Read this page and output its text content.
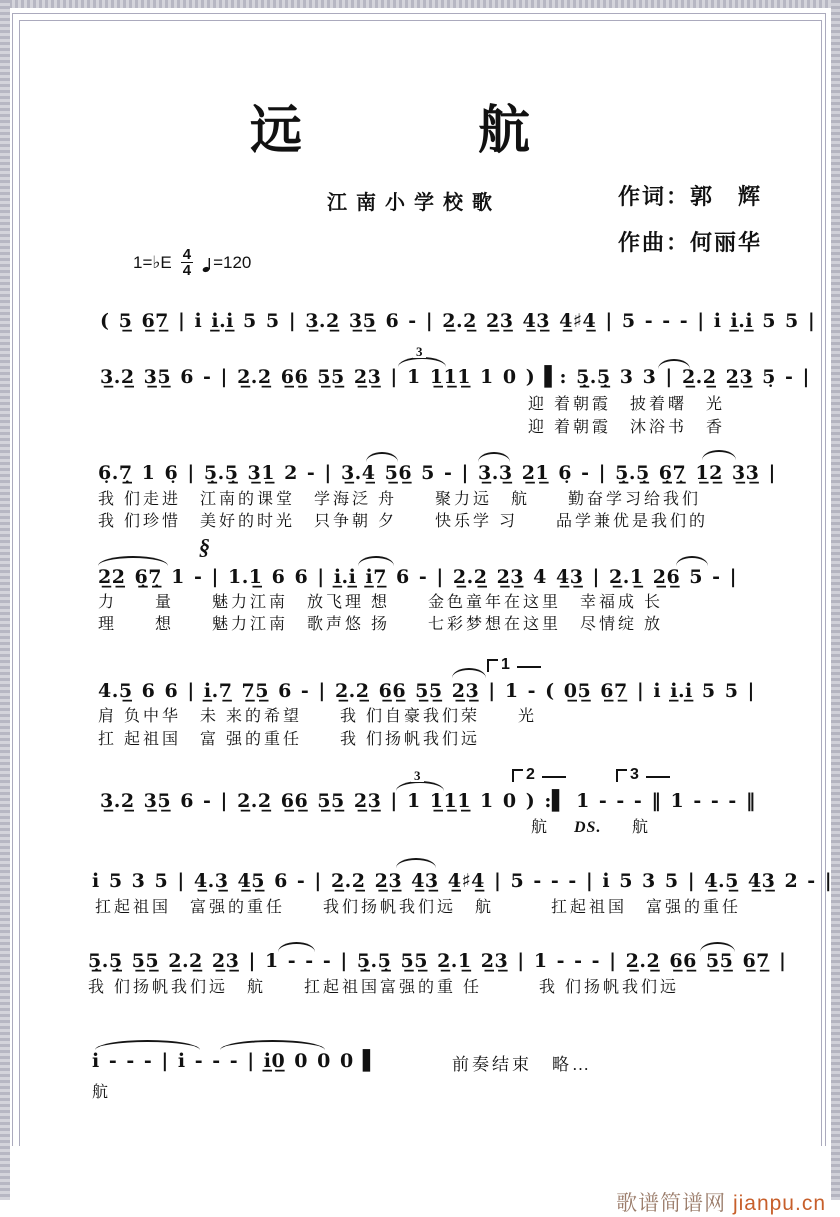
远　　航
江南小学校歌	作词：郭　辉
作曲：何丽华
1=♭E $\frac{4}{4} =120$
( 5̲ 6̲7̲ | i i̲.i̲ 5 5 | 3̲.2̲ 3̲5̲ 6 - | 2̲.2̲ 2̲3̲ 4̲3̲ 4̲♯4̲ | 5 - - - | i i̲.i̲ 5 5 |
3̲.2̲ 3̲5̲ 6 - | 2̲.2̲ 6̲6̲ 5̲5̲ 2̲3̲ | 1 1̲1̲1̲ 1 0 ) ▌: 5̣̲.5̣̲ 3 3 | 2̲.2̲ 2̲3̲ 5̣ - |
迎 着朝霞　披着曙　光
迎 着朝霞　沐浴书　香
6̣.7̣̲ 1 6̣ | 5̣̲.5̣̲ 3̲1̲ 2 - | 3̲.4̲ 5̲6̲ 5 - | 3̲.3̲ 2̲1̲ 6̣ - | 5̣̲.5̣̲ 6̣̲7̣̲ 1̲2̲ 3̲3̲ |
我 们走进　江南的课堂　学海泛 舟　　聚力远　航　　勤奋学习给我们
我 们珍惜　美好的时光　只争朝 夕　　快乐学 习　　品学兼优是我们的
2̲2̲ 6̣̲7̣̲ 1 - | 1.1̲ 6 6 | i̲.i̲ i̲7̲ 6 - | 2̲.2̲ 2̲3̲ 4 4̲3̲ | 2̲.1̲ 2̲6̲ 5 - |
力　　量　　魅力江南　放飞理 想　　金色童年在这里　幸福成 长
理　　想　　魅力江南　歌声悠 扬　　七彩梦想在这里　尽情绽 放
4.5̲ 6 6 | i̲.7̲ 7̲5̲ 6 - | 2̲.2̲ 6̲6̲ 5̲5̲ 2̲3̲ | 1 - ( 0̲5̲ 6̲7̲ | i i̲.i̲ 5 5 |
肩 负中华　未 来的希望　　我 们自豪我们荣　　光
扛 起祖国　富 强的重任　　我 们扬帆我们远
3̲.2̲ 3̲5̲ 6 - | 2̲.2̲ 6̲6̲ 5̲5̲ 2̲3̲ | 1 1̲1̲1̲ 1 0 ) :▌ 1 - - - ‖ 1 - - - ‖
航 DS. 航
i 5 3 5 | 4̲.3̲ 4̲5̲ 6 - | 2̲.2̲ 2̲3̲ 4̲3̲ 4̲♯4̲ | 5 - - - | i 5 3 5 | 4̲.5̲ 4̲3̲ 2 - |
扛起祖国　富强的重任　　我们扬帆我们远　航　　　扛起祖国　富强的重任
5̣̲.5̣̲ 5̲5̲ 2̲.2̲ 2̲3̲ | 1 - - - | 5̣̲.5̣̲ 5̲5̲ 2̲.1̲ 2̲3̲ | 1 - - - | 2̲.2̲ 6̲6̲ 5̲5̲ 6̲7̲ |
我 们扬帆我们远　航　　扛起祖国富强的重 任　　　我 们扬帆我们远
i - - - | i - - - | i̲0̲ 0 0 0 ▌
航
前奏结束　略…
§
3
3
1
2	3

歌谱简谱网 jianpu.cn
